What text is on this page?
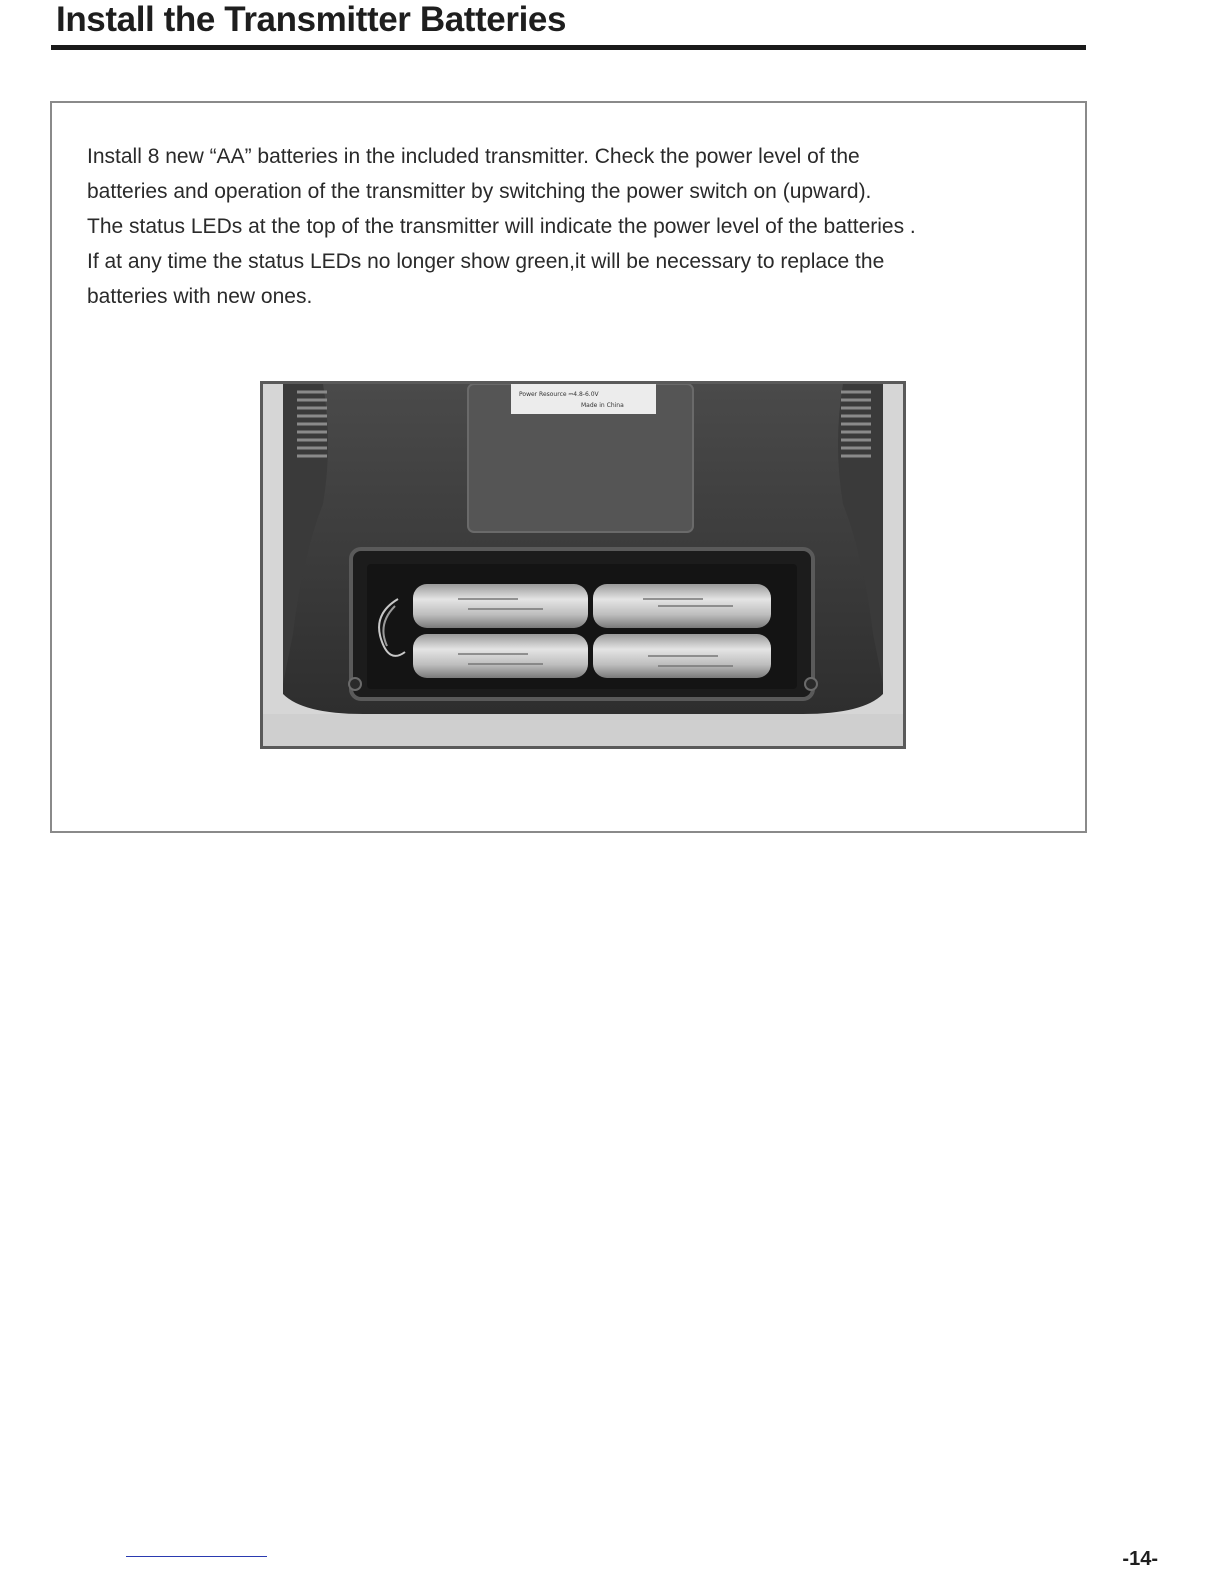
Install the Transmitter Batteries

Install 8 new “AA” batteries in the included transmitter. Check the power level of the
batteries and operation of the transmitter by switching the power switch on (upward).
The status LEDs at the top of the transmitter will indicate the power level of the batteries .
If at any time the status LEDs no longer show green,it will be necessary to replace the
batteries with new ones.

Power Resource ⎓4.8-6.0V
Made in China
-14-
